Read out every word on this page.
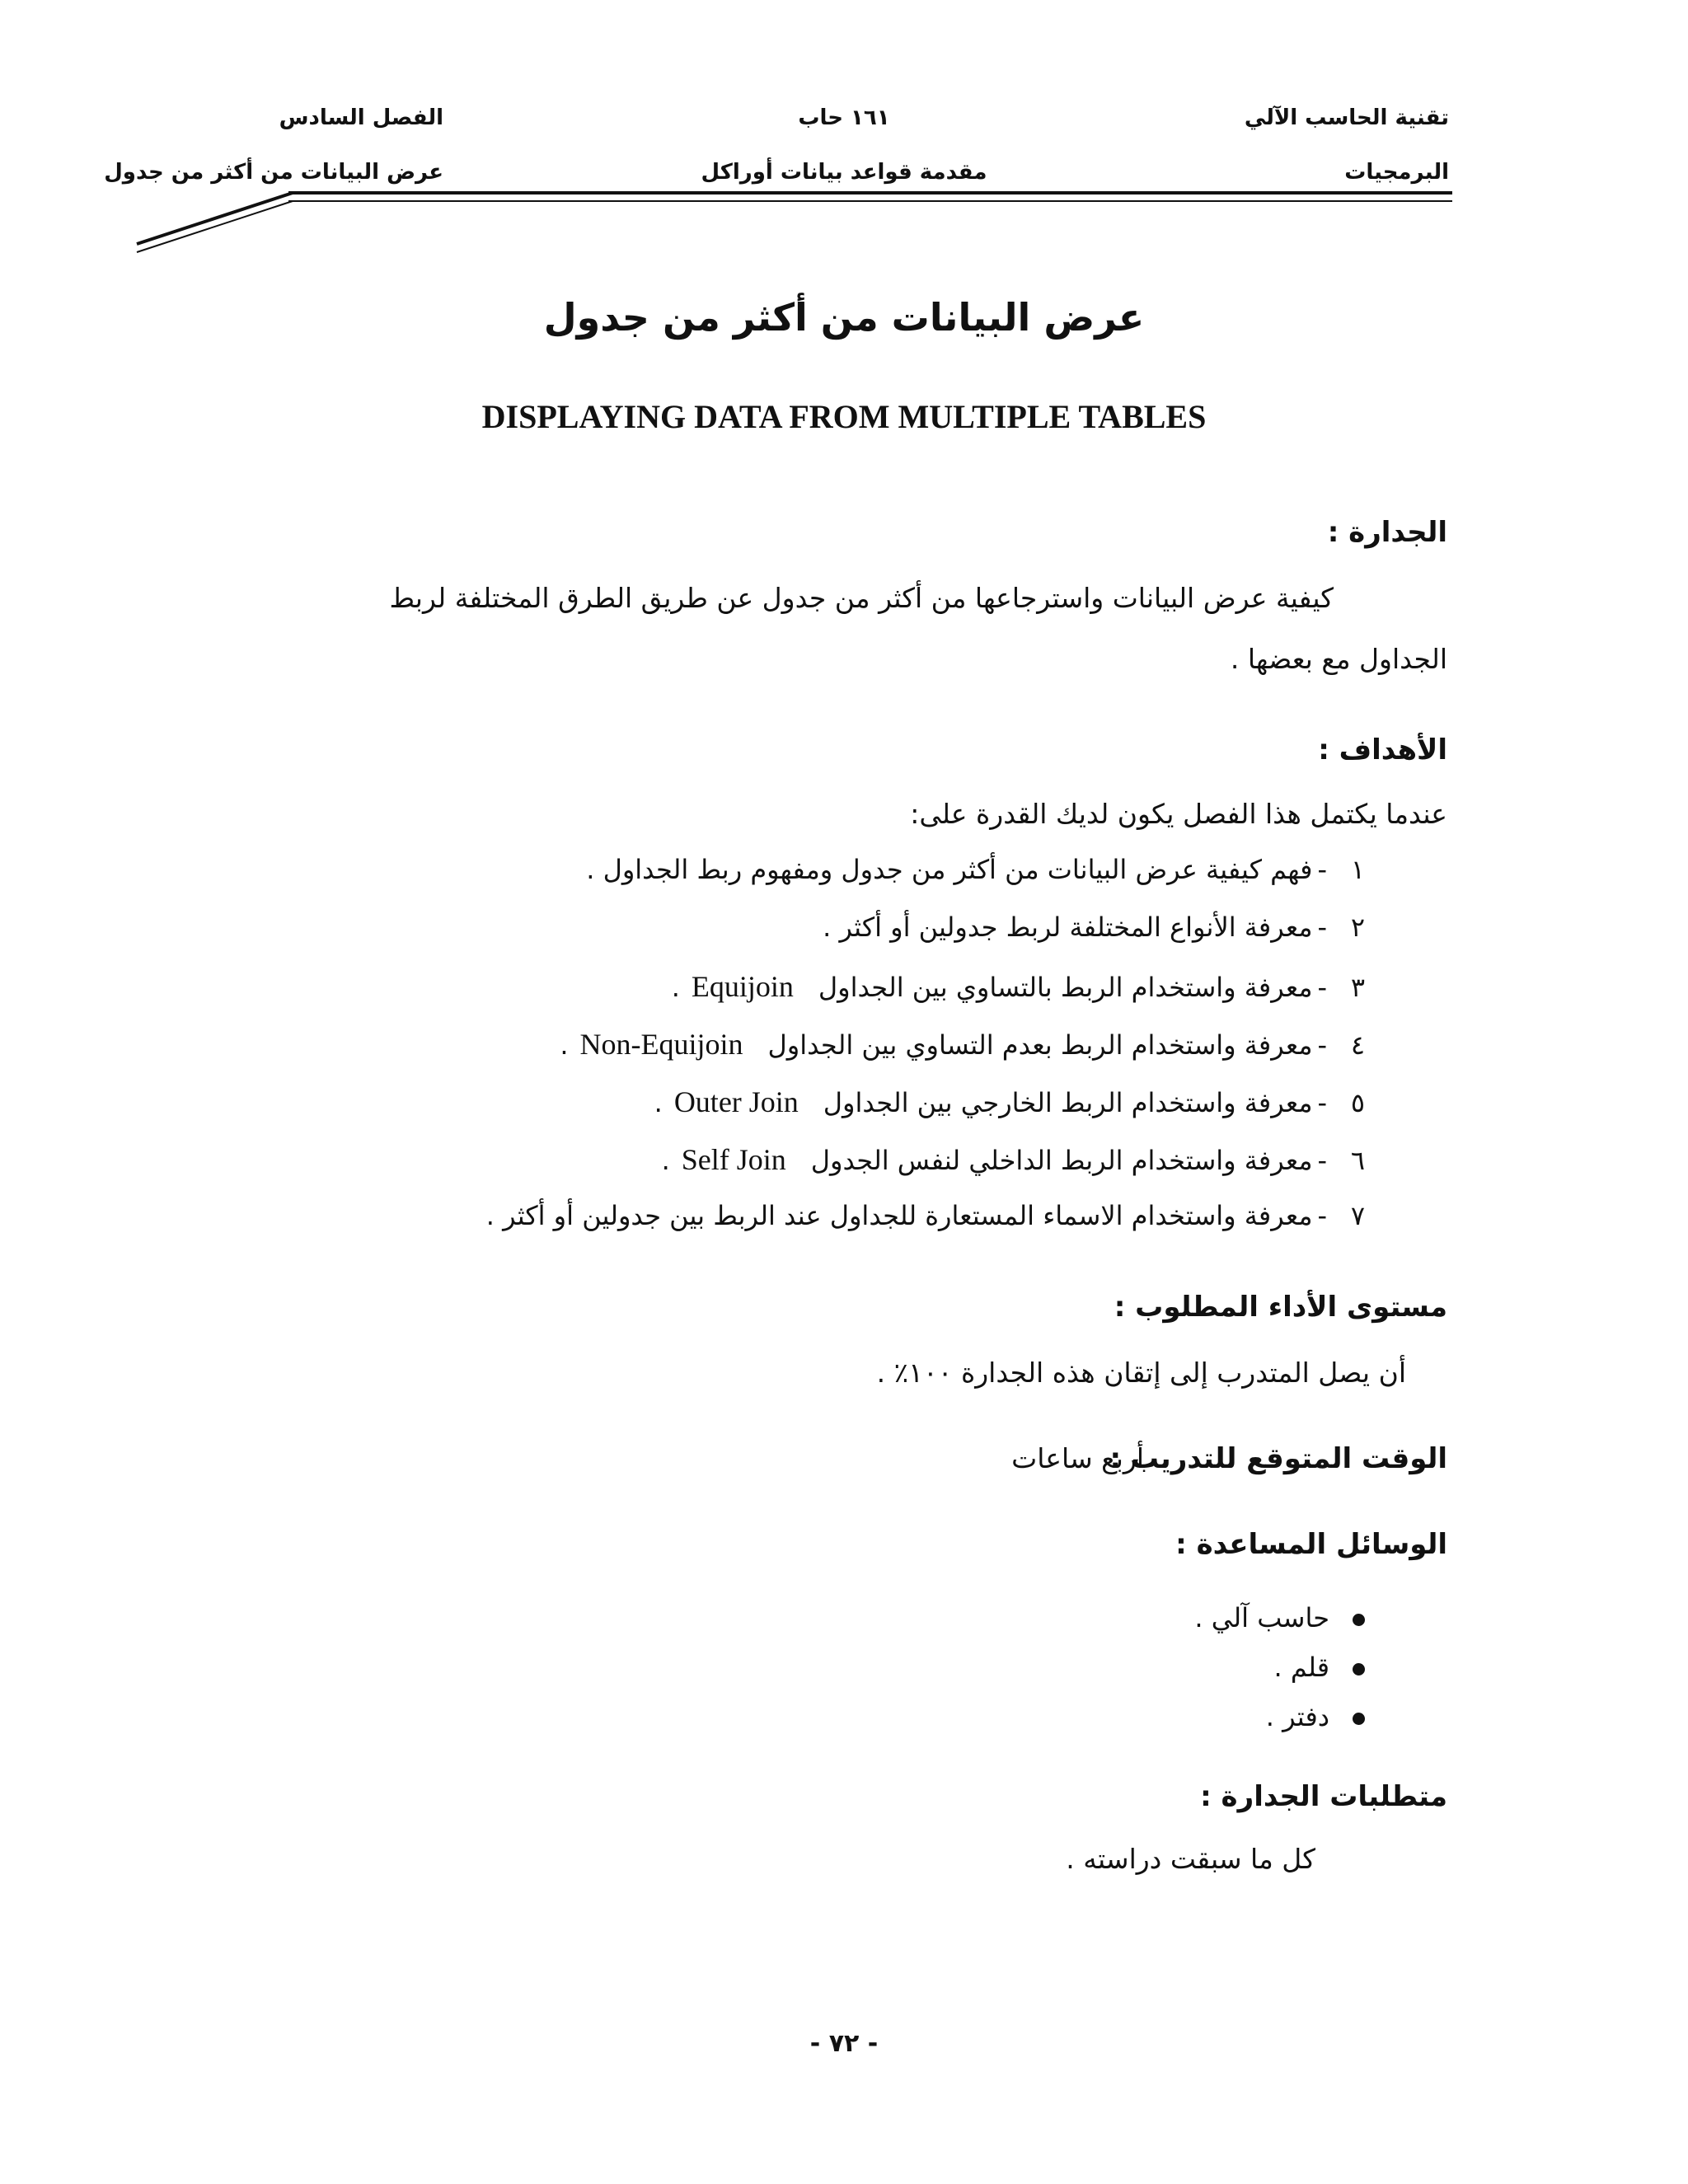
تقنية الحاسب الآلي
البرمجيات
١٦١ حاب
مقدمة قواعد بيانات أوراكل
الفصل السادس
عرض البيانات من أكثر من جدول
عرض البيانات من أكثر من جدول
DISPLAYING DATA FROM MULTIPLE TABLES
الجدارة :
كيفية عرض البيانات واسترجاعها من أكثر من جدول عن طريق الطرق المختلفة لربط
الجداول مع بعضها .
الأهداف :
عندما يكتمل هذا الفصل يكون لديك القدرة على:
١-فهم كيفية عرض البيانات من أكثر من جدول ومفهوم ربط الجداول .
٢-معرفة الأنواع المختلفة لربط جدولين أو أكثر .
٣-معرفة واستخدام الربط بالتساوي بين الجداولEquijoin.
٤-معرفة واستخدام الربط بعدم التساوي بين الجداولNon-Equijoin.
٥-معرفة واستخدام الربط الخارجي بين الجداولOuter Join.
٦-معرفة واستخدام الربط الداخلي لنفس الجدولSelf Join.
٧-معرفة واستخدام الاسماء المستعارة للجداول عند الربط بين جدولين أو أكثر .
مستوى الأداء المطلوب :
أن يصل المتدرب إلى إتقان هذه الجدارة ١٠٠٪ .
الوقت المتوقع للتدريب :
أربع ساعات
الوسائل المساعدة :
حاسب آلي .
قلم .
دفتر .
متطلبات الجدارة :
كل ما سبقت دراسته .
- ٧٢ -
